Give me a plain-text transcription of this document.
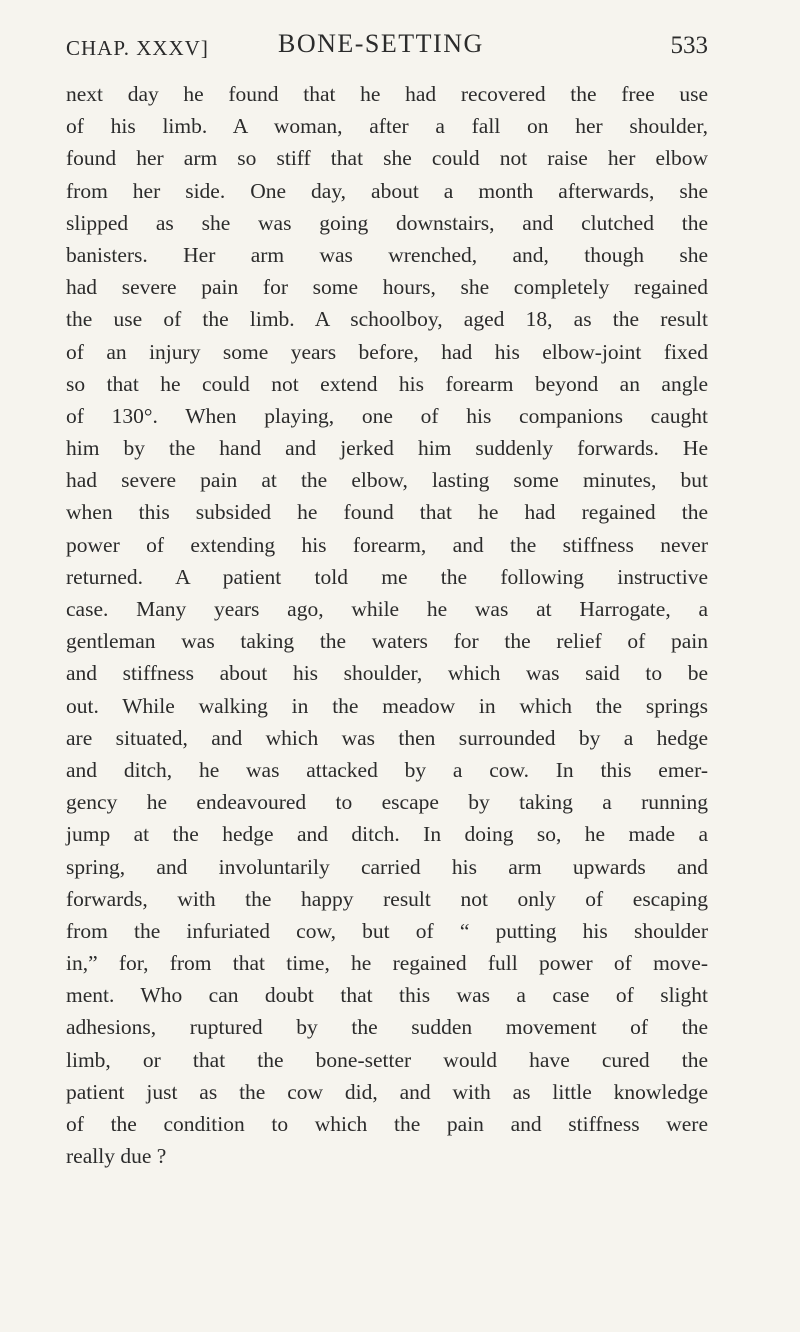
CHAP. XXXV]	BONE-SETTING	533
next day he found that he had recovered the free use
of his limb. A woman, after a fall on her shoulder,
found her arm so stiff that she could not raise her elbow
from her side. One day, about a month afterwards, she
slipped as she was going downstairs, and clutched the
banisters. Her arm was wrenched, and, though she
had severe pain for some hours, she completely regained
the use of the limb. A schoolboy, aged 18, as the result
of an injury some years before, had his elbow-joint fixed
so that he could not extend his forearm beyond an angle
of 130°. When playing, one of his companions caught
him by the hand and jerked him suddenly forwards. He
had severe pain at the elbow, lasting some minutes, but
when this subsided he found that he had regained the
power of extending his forearm, and the stiffness never
returned. A patient told me the following instructive
case. Many years ago, while he was at Harrogate, a
gentleman was taking the waters for the relief of pain
and stiffness about his shoulder, which was said to be
out. While walking in the meadow in which the springs
are situated, and which was then surrounded by a hedge
and ditch, he was attacked by a cow. In this emer-
gency he endeavoured to escape by taking a running
jump at the hedge and ditch. In doing so, he made a
spring, and involuntarily carried his arm upwards and
forwards, with the happy result not only of escaping
from the infuriated cow, but of “ putting his shoulder
in,” for, from that time, he regained full power of move-
ment. Who can doubt that this was a case of slight
adhesions, ruptured by the sudden movement of the
limb, or that the bone-setter would have cured the
patient just as the cow did, and with as little knowledge
of the condition to which the pain and stiffness were
really due ?
